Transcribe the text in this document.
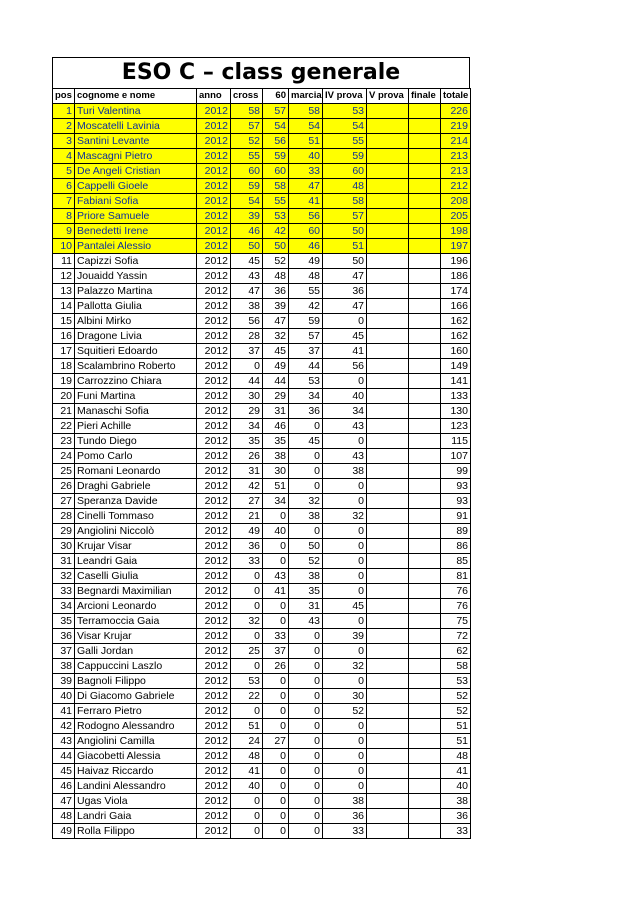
ESO C – class generale
pos	cognome e nome	anno	cross	60	marcia	IV prova	V prova	finale	totale
1	Turi Valentina	2012	58	57	58	53			226
2	Moscatelli Lavinia	2012	57	54	54	54			219
3	Santini Levante	2012	52	56	51	55			214
4	Mascagni Pietro	2012	55	59	40	59			213
5	De Angeli Cristian	2012	60	60	33	60			213
6	Cappelli Gioele	2012	59	58	47	48			212
7	Fabiani Sofia	2012	54	55	41	58			208
8	Priore Samuele	2012	39	53	56	57			205
9	Benedetti Irene	2012	46	42	60	50			198
10	Pantalei Alessio	2012	50	50	46	51			197
11	Capizzi Sofia	2012	45	52	49	50			196
12	Jouaidd Yassin	2012	43	48	48	47			186
13	Palazzo Martina	2012	47	36	55	36			174
14	Pallotta Giulia	2012	38	39	42	47			166
15	Albini Mirko	2012	56	47	59	0			162
16	Dragone Livia	2012	28	32	57	45			162
17	Squitieri Edoardo	2012	37	45	37	41			160
18	Scalambrino Roberto	2012	0	49	44	56			149
19	Carrozzino Chiara	2012	44	44	53	0			141
20	Funi Martina	2012	30	29	34	40			133
21	Manaschi Sofia	2012	29	31	36	34			130
22	Pieri Achille	2012	34	46	0	43			123
23	Tundo Diego	2012	35	35	45	0			115
24	Pomo Carlo	2012	26	38	0	43			107
25	Romani Leonardo	2012	31	30	0	38			99
26	Draghi Gabriele	2012	42	51	0	0			93
27	Speranza Davide	2012	27	34	32	0			93
28	Cinelli Tommaso	2012	21	0	38	32			91
29	Angiolini Niccolò	2012	49	40	0	0			89
30	Krujar Visar	2012	36	0	50	0			86
31	Leandri Gaia	2012	33	0	52	0			85
32	Caselli Giulia	2012	0	43	38	0			81
33	Begnardi Maximilian	2012	0	41	35	0			76
34	Arcioni Leonardo	2012	0	0	31	45			76
35	Terramoccia Gaia	2012	32	0	43	0			75
36	Visar Krujar	2012	0	33	0	39			72
37	Galli Jordan	2012	25	37	0	0			62
38	Cappuccini Laszlo	2012	0	26	0	32			58
39	Bagnoli Filippo	2012	53	0	0	0			53
40	Di Giacomo Gabriele	2012	22	0	0	30			52
41	Ferraro Pietro	2012	0	0	0	52			52
42	Rodogno Alessandro	2012	51	0	0	0			51
43	Angiolini Camilla	2012	24	27	0	0			51
44	Giacobetti Alessia	2012	48	0	0	0			48
45	Haivaz Riccardo	2012	41	0	0	0			41
46	Landini Alessandro	2012	40	0	0	0			40
47	Ugas Viola	2012	0	0	0	38			38
48	Landri Gaia	2012	0	0	0	36			36
49	Rolla Filippo	2012	0	0	0	33			33
